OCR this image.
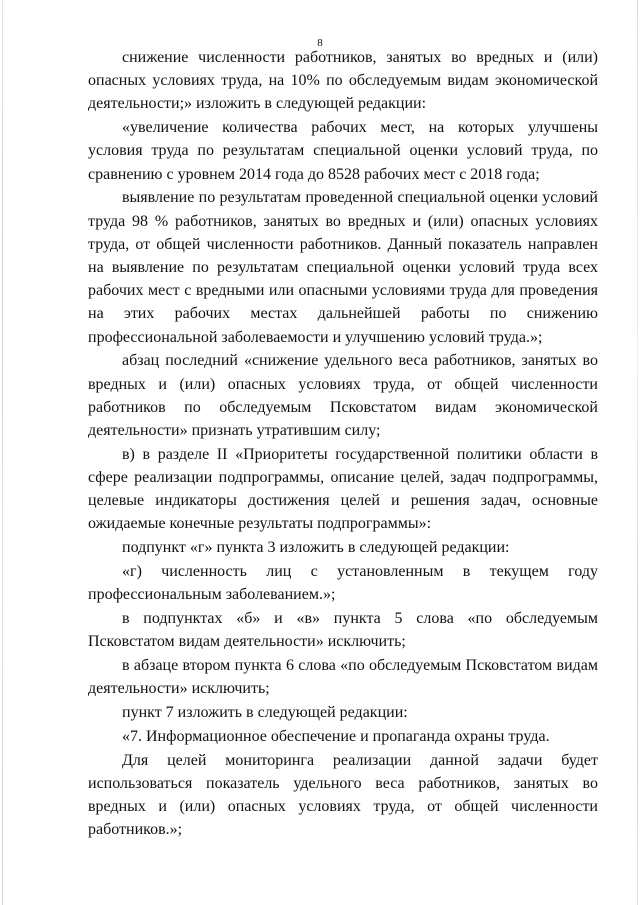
8

снижение численности работников, занятых во вредных и (или) опасных условиях труда, на 10% по обследуемым видам экономической деятельности;» изложить в следующей редакции:

«увеличение количества рабочих мест, на которых улучшены условия труда по результатам специальной оценки условий труда, по сравнению с уровнем 2014 года до 8528 рабочих мест с 2018 года;

выявление по результатам проведенной специальной оценки условий труда 98 % работников, занятых во вредных и (или) опасных условиях труда, от общей численности работников. Данный показатель направлен на выявление по результатам специальной оценки условий труда всех рабочих мест с вредными или опасными условиями труда для проведения на этих рабочих местах дальнейшей работы по снижению профессиональной заболеваемости и улучшению условий труда.»;

абзац последний «снижение удельного веса работников, занятых во вредных и (или) опасных условиях труда, от общей численности работников по обследуемым Псковстатом видам экономической деятельности» признать утратившим силу;

в) в разделе II «Приоритеты государственной политики области в сфере реализации подпрограммы, описание целей, задач подпрограммы, целевые индикаторы достижения целей и решения задач, основные ожидаемые конечные результаты подпрограммы»:

подпункт «г» пункта 3 изложить в следующей редакции:

«г) численность лиц с установленным в текущем году профессиональным заболеванием.»;

в подпунктах «б» и «в» пункта 5 слова «по обследуемым Псковстатом видам деятельности» исключить;

в абзаце втором пункта 6 слова «по обследуемым Псковстатом видам деятельности» исключить;

пункт 7 изложить в следующей редакции:

«7. Информационное обеспечение и пропаганда охраны труда.

Для целей мониторинга реализации данной задачи будет использоваться показатель удельного веса работников, занятых во вредных и (или) опасных условиях труда, от общей численности работников.»;
